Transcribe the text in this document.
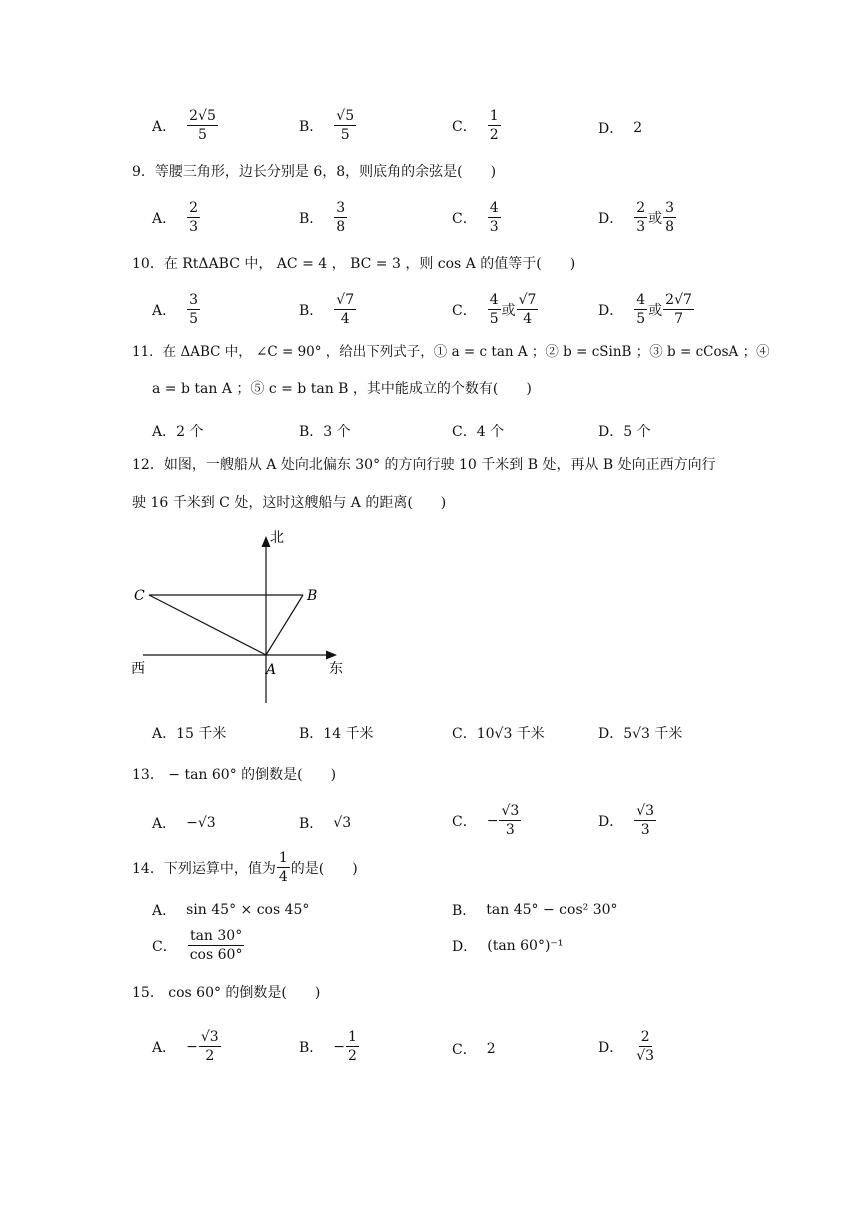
A． $\frac{2√5}{5}$	B． $\frac{√5}{5}$	C． $\frac{1}{2}$	D． 2
9．等腰三角形，边长分别是 6，8，则底角的余弦是(　　)
A． $\frac{2}{3}$	B． $\frac{3}{8}$	C． $\frac{4}{3}$	D． $\frac{2}{3}$ 或 $\frac{3}{8}$
10．在 RtΔABC 中， AC = 4 ， BC = 3 ，则 cos A 的值等于(　　)
A． $\frac{3}{5}$	B． $\frac{√7}{4}$	C． $\frac{4}{5}$ 或 $\frac{√7}{4}$	D． $\frac{4}{5}$ 或 $\frac{2√7}{7}$
11．在 ΔABC 中， ∠C = 90° ，给出下列式子，① a = c tan A ；② b = cSinB ；③ b = cCosA ；④
a = b tan A ；⑤ c = b tan B ，其中能成立的个数有(　　)
A．2 个	B．3 个	C．4 个	D．5 个
12．如图，一艘船从 A 处向北偏东 30° 的方向行驶 10 千米到 B 处，再从 B 处向正西方向行
驶 16 千米到 C 处，这时这艘船与 A 的距离(　　)
北
东
西	A
B
C
A．15 千米	B．14 千米	C．10√3 千米	D．5√3 千米
13． − tan 60° 的倒数是(　　)
A． −√3	B． √3	C． − $\frac{√3}{3}$	D． $\frac{√3}{3}$
14．下列运算中，值为 $\frac{1}{4}$ 的是(　　)
A． sin 45° × cos 45°	B． tan 45° − cos² 30°
C． $\frac{\tan 30^\circ}{\cos 60^\circ}$	D． (tan 60°)⁻¹
15． cos 60° 的倒数是(　　)
A． − $\frac{√3}{2}$	B． − $\frac{1}{2}$	C． 2	D． $\frac{2}{√3}$
